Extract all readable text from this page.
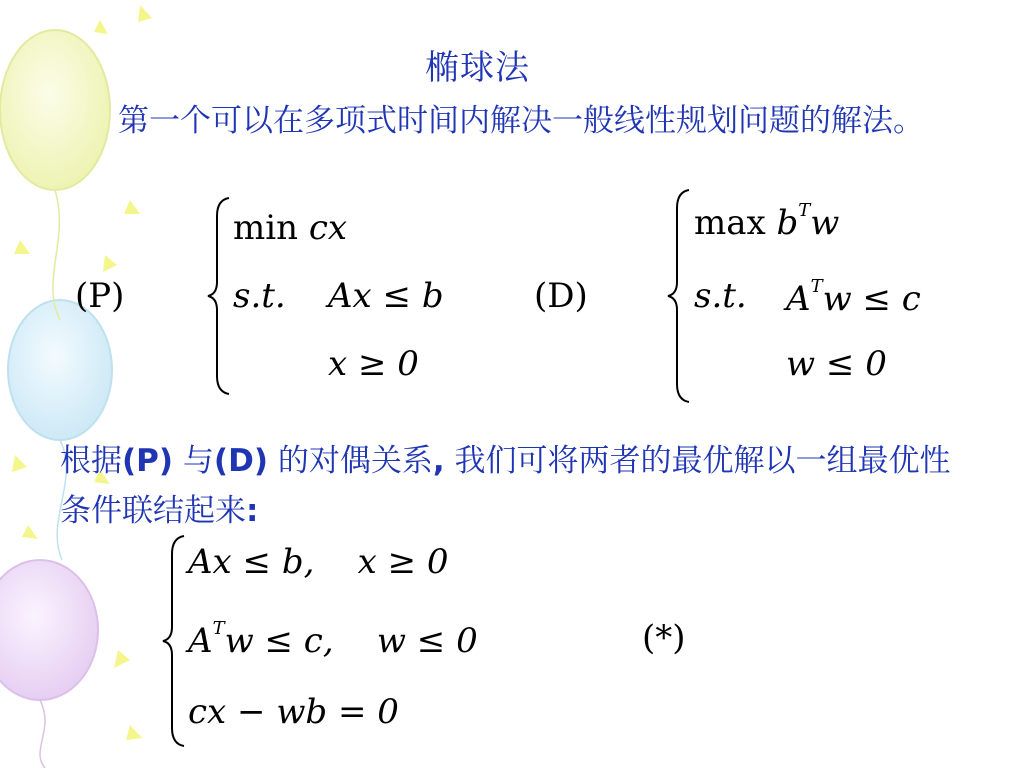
椭球法
第一个可以在多项式时间内解决一般线性规划问题的解法。
根据(P) 与(D) 的对偶关系, 我们可将两者的最优解以一组最优性条件联结起来:
(P)
min cx
s.t. Ax ≤ b
x ≥ 0
(D)
$\max b^Tw$
s.t. $A^Tw \le c$
w ≤ 0
Ax ≤ b,    x ≥ 0
$A^Tw \le c$,    w ≤ 0
cx − wb = 0
(*)
